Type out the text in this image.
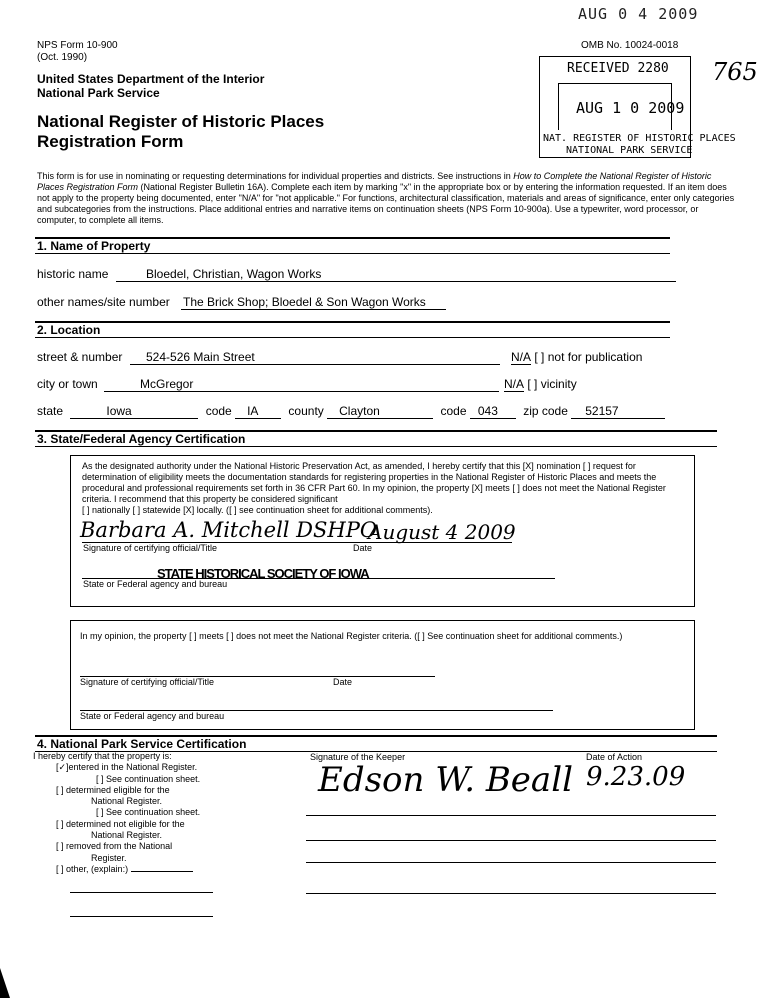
AUG 0 4 2009
765
NPS Form 10-900
(Oct. 1990)
OMB No. 10024-0018
RECEIVED 2280
AUG 1 0 2009
NAT. REGISTER OF HISTORIC PLACES
NATIONAL PARK SERVICE
United States Department of the Interior
National Park Service
National Register of Historic Places
Registration Form
This form is for use in nominating or requesting determinations for individual properties and districts. See instructions in How to Complete the National Register of Historic Places Registration Form (National Register Bulletin 16A). Complete each item by marking "x" in the appropriate box or by entering the information requested. If an item does not apply to the property being documented, enter "N/A" for "not applicable." For functions, architectural classification, materials and areas of significance, enter only categories and subcategories from the instructions. Place additional entries and narrative items on continuation sheets (NPS Form 10-900a). Use a typewriter, word processor, or computer, to complete all items.
1. Name of Property
historic name	Bloedel, Christian, Wagon Works
other names/site number The Brick Shop; Bloedel & Son Wagon Works
2. Location
street & number	524-526 Main Street	N/A [ ] not for publication
city or town	McGregor	N/A [ ] vicinity
state	Iowa	code IA	county Clayton	code 043 zip code 52157
3. State/Federal Agency Certification
As the designated authority under the National Historic Preservation Act, as amended, I hereby certify that this [X] nomination [ ] request for determination of eligibility meets the documentation standards for registering properties in the National Register of Historic Places and meets the procedural and professional requirements set forth in 36 CFR Part 60. In my opinion, the property [X] meets [ ] does not meet the National Register criteria. I recommend that this property be considered significant
[ ] nationally [ ] statewide [X] locally. ([ ] see continuation sheet for additional comments).
Barbara A. Mitchell DSHPO
August 4 2009
Signature of certifying official/Title	Date
STATE HISTORICAL SOCIETY OF IOWA
State or Federal agency and bureau
In my opinion, the property [ ] meets [ ] does not meet the National Register criteria. ([ ] See continuation sheet for additional comments.)
Signature of certifying official/Title	Date
State or Federal agency and bureau
4. National Park Service Certification
I hereby certify that the property is:
[✓]entered in the National Register.
[ ] See continuation sheet.
[ ] determined eligible for the
National Register.
[ ] See continuation sheet.
[ ] determined not eligible for the
National Register.
[ ] removed from the National
Register.
[ ] other, (explain:)
Signature of the Keeper	Date of Action
Edson W. Beall 9.23.09
